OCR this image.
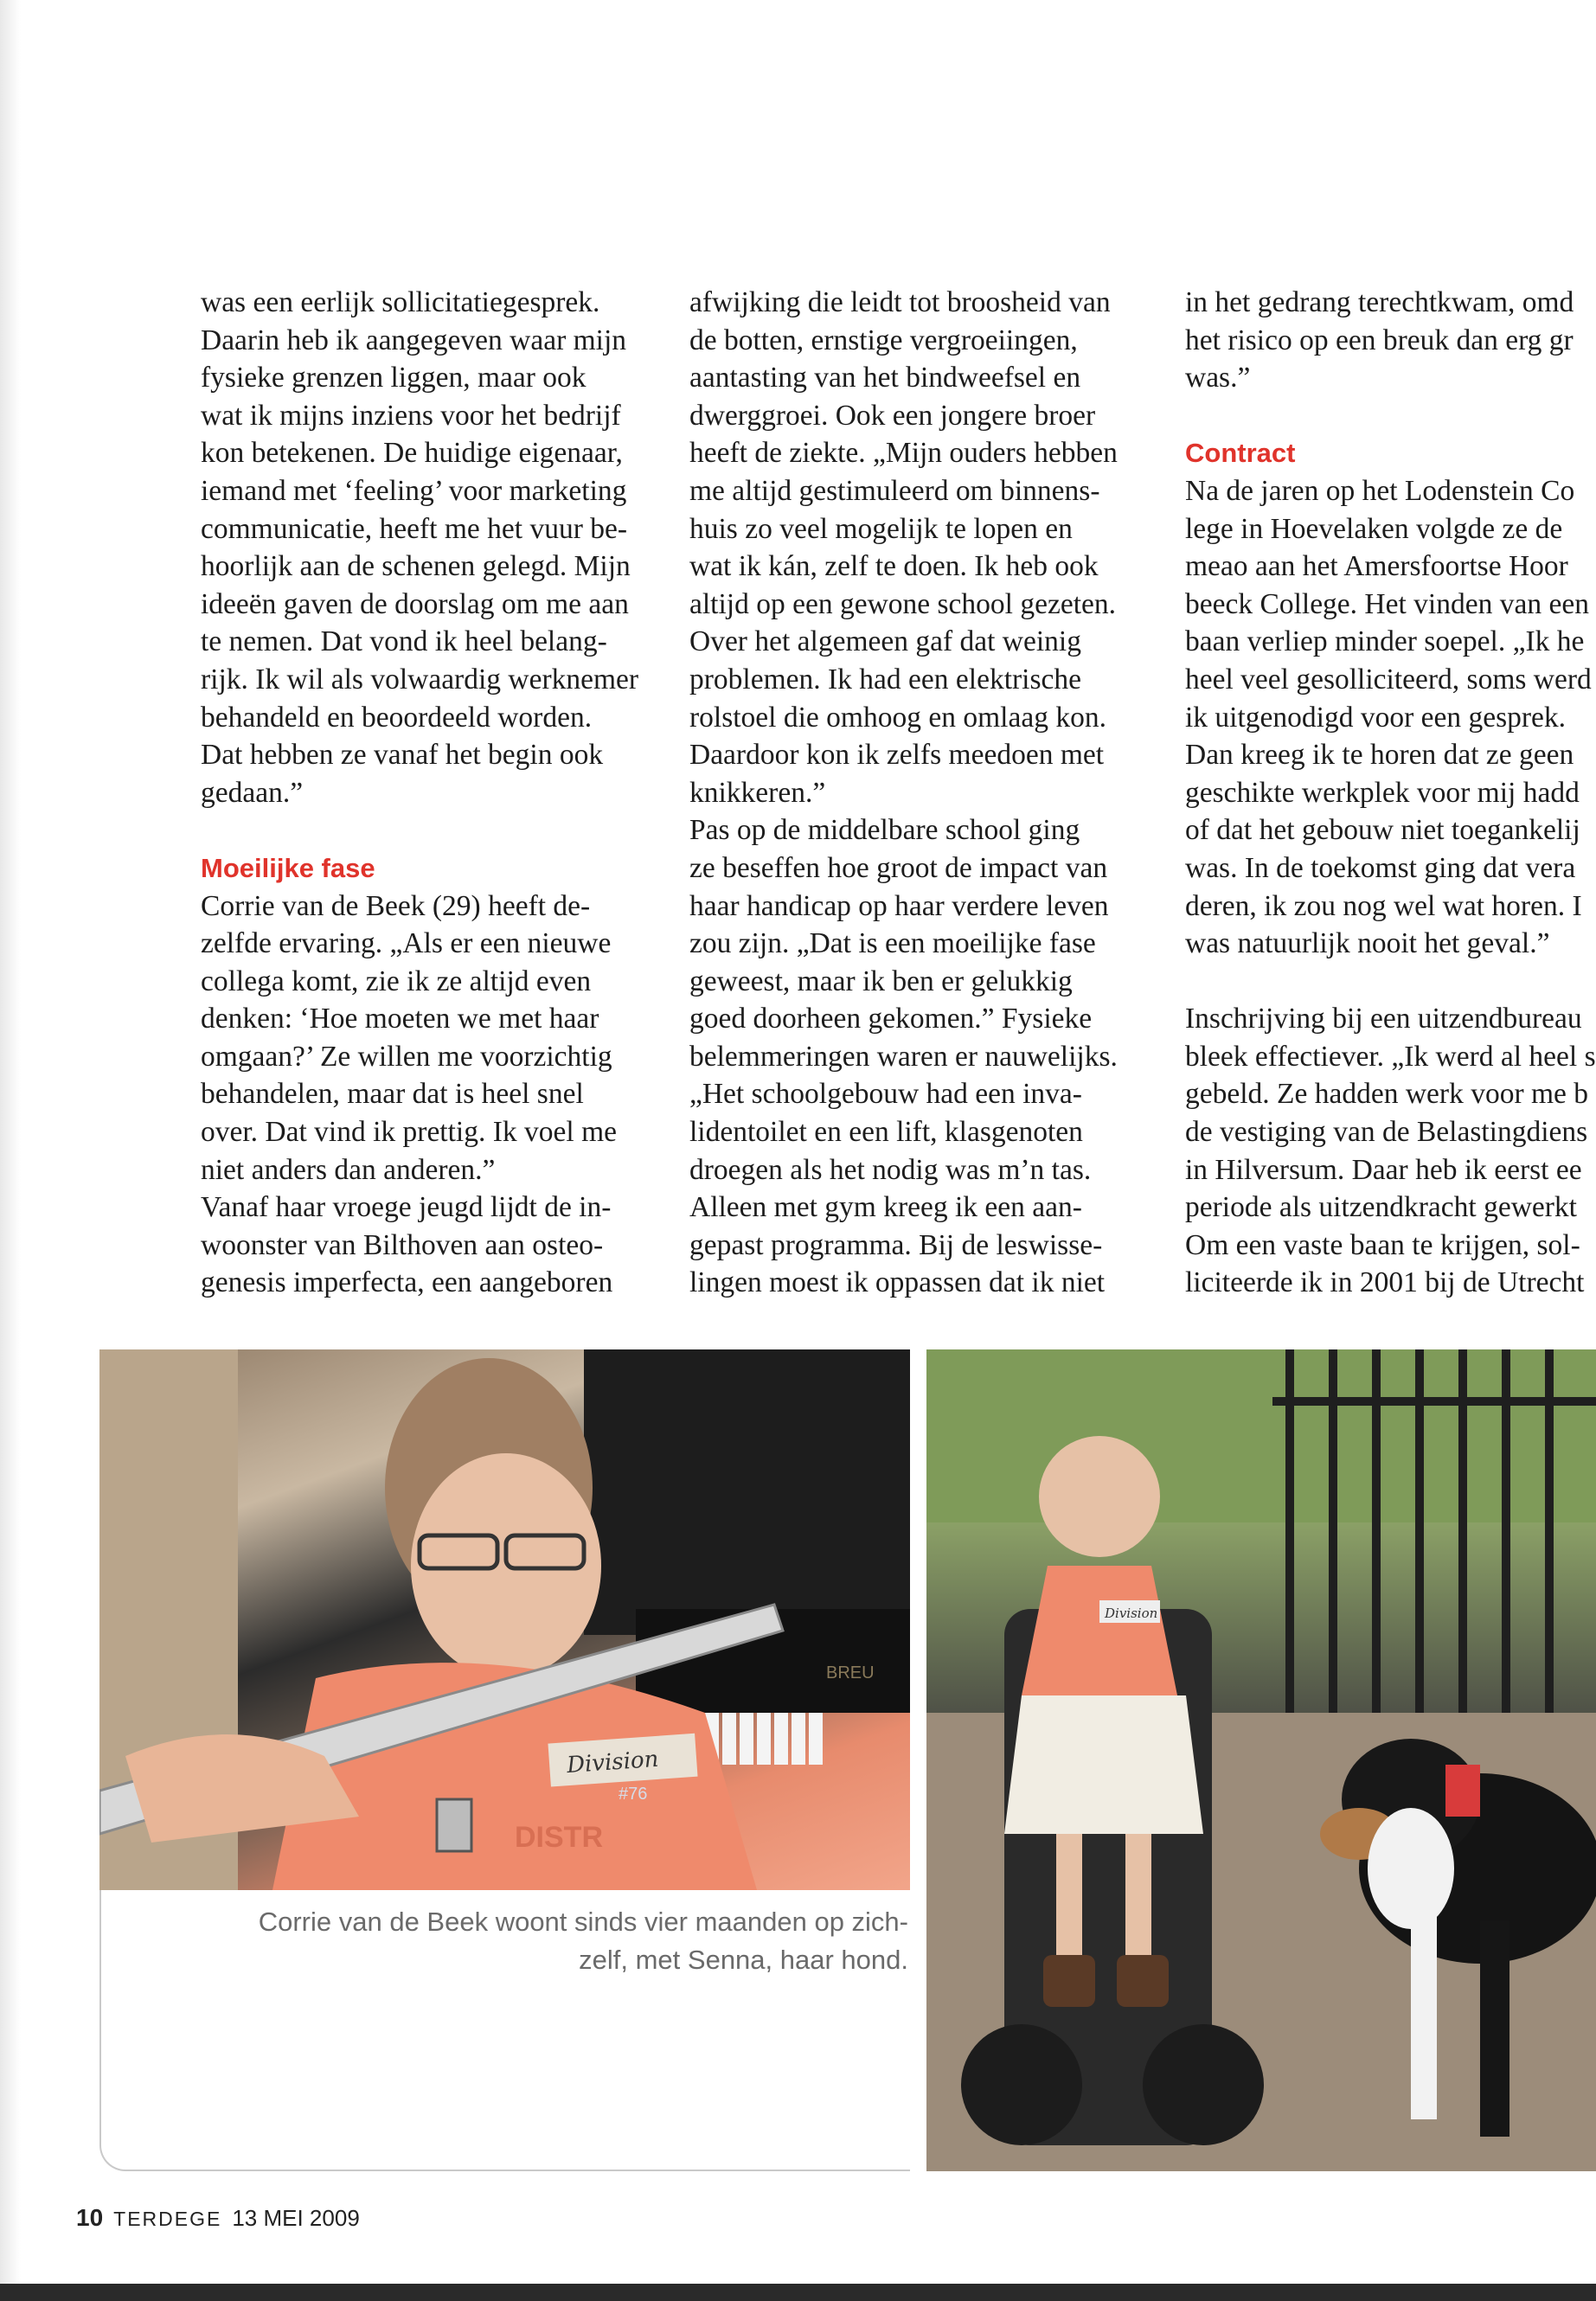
was een eerlijk sollicitatiegesprek.

Daarin heb ik aangegeven waar mijn

fysieke grenzen liggen, maar ook

wat ik mijns inziens voor het bedrijf

kon betekenen. De huidige eigenaar,

iemand met ‘feeling’ voor marketing

communicatie, heeft me het vuur be-

hoorlijk aan de schenen gelegd. Mijn

ideeën gaven de doorslag om me aan

te nemen. Dat vond ik heel belang-

rijk. Ik wil als volwaardig werknemer

behandeld en beoordeeld worden.

Dat hebben ze vanaf het begin ook

gedaan.”

Moeilijke fase

Corrie van de Beek (29) heeft de-

zelfde ervaring. „Als er een nieuwe

collega komt, zie ik ze altijd even

denken: ‘Hoe moeten we met haar

omgaan?’ Ze willen me voorzichtig

behandelen, maar dat is heel snel

over. Dat vind ik prettig. Ik voel me

niet anders dan anderen.”

Vanaf haar vroege jeugd lijdt de in-

woonster van Bilthoven aan osteo-

genesis imperfecta, een aangeboren

afwijking die leidt tot broosheid van

de botten, ernstige vergroeiingen,

aantasting van het bindweefsel en

dwerggroei. Ook een jongere broer

heeft de ziekte. „Mijn ouders hebben

me altijd gestimuleerd om binnens-

huis zo veel mogelijk te lopen en

wat ik kán, zelf te doen. Ik heb ook

altijd op een gewone school gezeten.

Over het algemeen gaf dat weinig

problemen. Ik had een elektrische

rolstoel die omhoog en omlaag kon.

Daardoor kon ik zelfs meedoen met

knikkeren.”

Pas op de middelbare school ging

ze beseffen hoe groot de impact van

haar handicap op haar verdere leven

zou zijn. „Dat is een moeilijke fase

geweest, maar ik ben er gelukkig

goed doorheen gekomen.” Fysieke

belemmeringen waren er nauwelijks.

„Het schoolgebouw had een inva-

lidentoilet en een lift, klasgenoten

droegen als het nodig was m’n tas.

Alleen met gym kreeg ik een aan-

gepast programma. Bij de leswisse-

lingen moest ik oppassen dat ik niet

in het gedrang terechtkwam, omd

het risico op een breuk dan erg gr

was.”

Contract

Na de jaren op het Lodenstein Co

lege in Hoevelaken volgde ze de

meao aan het Amersfoortse Hoor

beeck College. Het vinden van een

baan verliep minder soepel. „Ik he

heel veel gesolliciteerd, soms werd

ik uitgenodigd voor een gesprek.

Dan kreeg ik te horen dat ze geen

geschikte werkplek voor mij hadd

of dat het gebouw niet toegankelij

was. In de toekomst ging dat vera

deren, ik zou nog wel wat horen. I

was natuurlijk nooit het geval.”

Inschrijving bij een uitzendbureau

bleek effectiever. „Ik werd al heel s

gebeld. Ze hadden werk voor me b

de vestiging van de Belastingdiens

in Hilversum. Daar heb ik eerst ee

periode als uitzendkracht gewerkt

Om een vaste baan te krijgen, sol-

liciteerde ik in 2001 bij de Utrecht

BREU
Division
#76
DISTR
Corrie van de Beek woont sinds vier maanden op zich-
zelf, met Senna, haar hond.
Division
10 TERDEGE 13 MEI 2009
